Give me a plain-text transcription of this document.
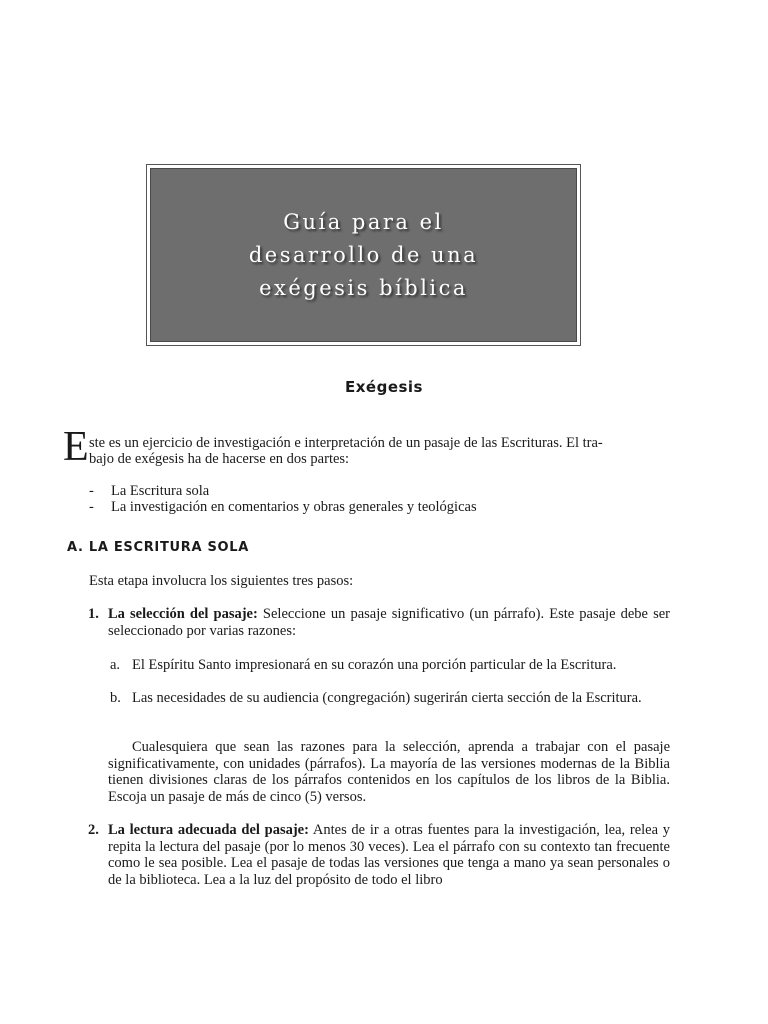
Guía para el
desarrollo de una
exégesis bíblica
Exégesis
E ste es un ejercicio de investigación e interpretación de un pasaje de las Escrituras. El tra-
bajo de exégesis ha de hacerse en dos partes:
- La Escritura sola
- La investigación en comentarios y obras generales y teológicas
A. LA ESCRITURA SOLA
Esta etapa involucra los siguientes tres pasos:
1. La selección del pasaje: Seleccione un pasaje significativo (un párrafo). Este pasaje debe ser seleccionado por varias razones:
a. El Espíritu Santo impresionará en su corazón una porción particular de la Escritura.
b. Las necesidades de su audiencia (congregación) sugerirán cierta sección de la Escritura.
Cualesquiera que sean las razones para la selección, aprenda a trabajar con el pasaje significativamente, con unidades (párrafos). La mayoría de las versiones modernas de la Biblia tienen divisiones claras de los párrafos contenidos en los capítulos de los libros de la Biblia. Escoja un pasaje de más de cinco (5) versos.
2. La lectura adecuada del pasaje: Antes de ir a otras fuentes para la investigación, lea, relea y repita la lectura del pasaje (por lo menos 30 veces). Lea el párrafo con su contexto tan frecuente como le sea posible. Lea el pasaje de todas las versiones que tenga a mano ya sean personales o de la biblioteca. Lea a la luz del propósito de todo el libro
